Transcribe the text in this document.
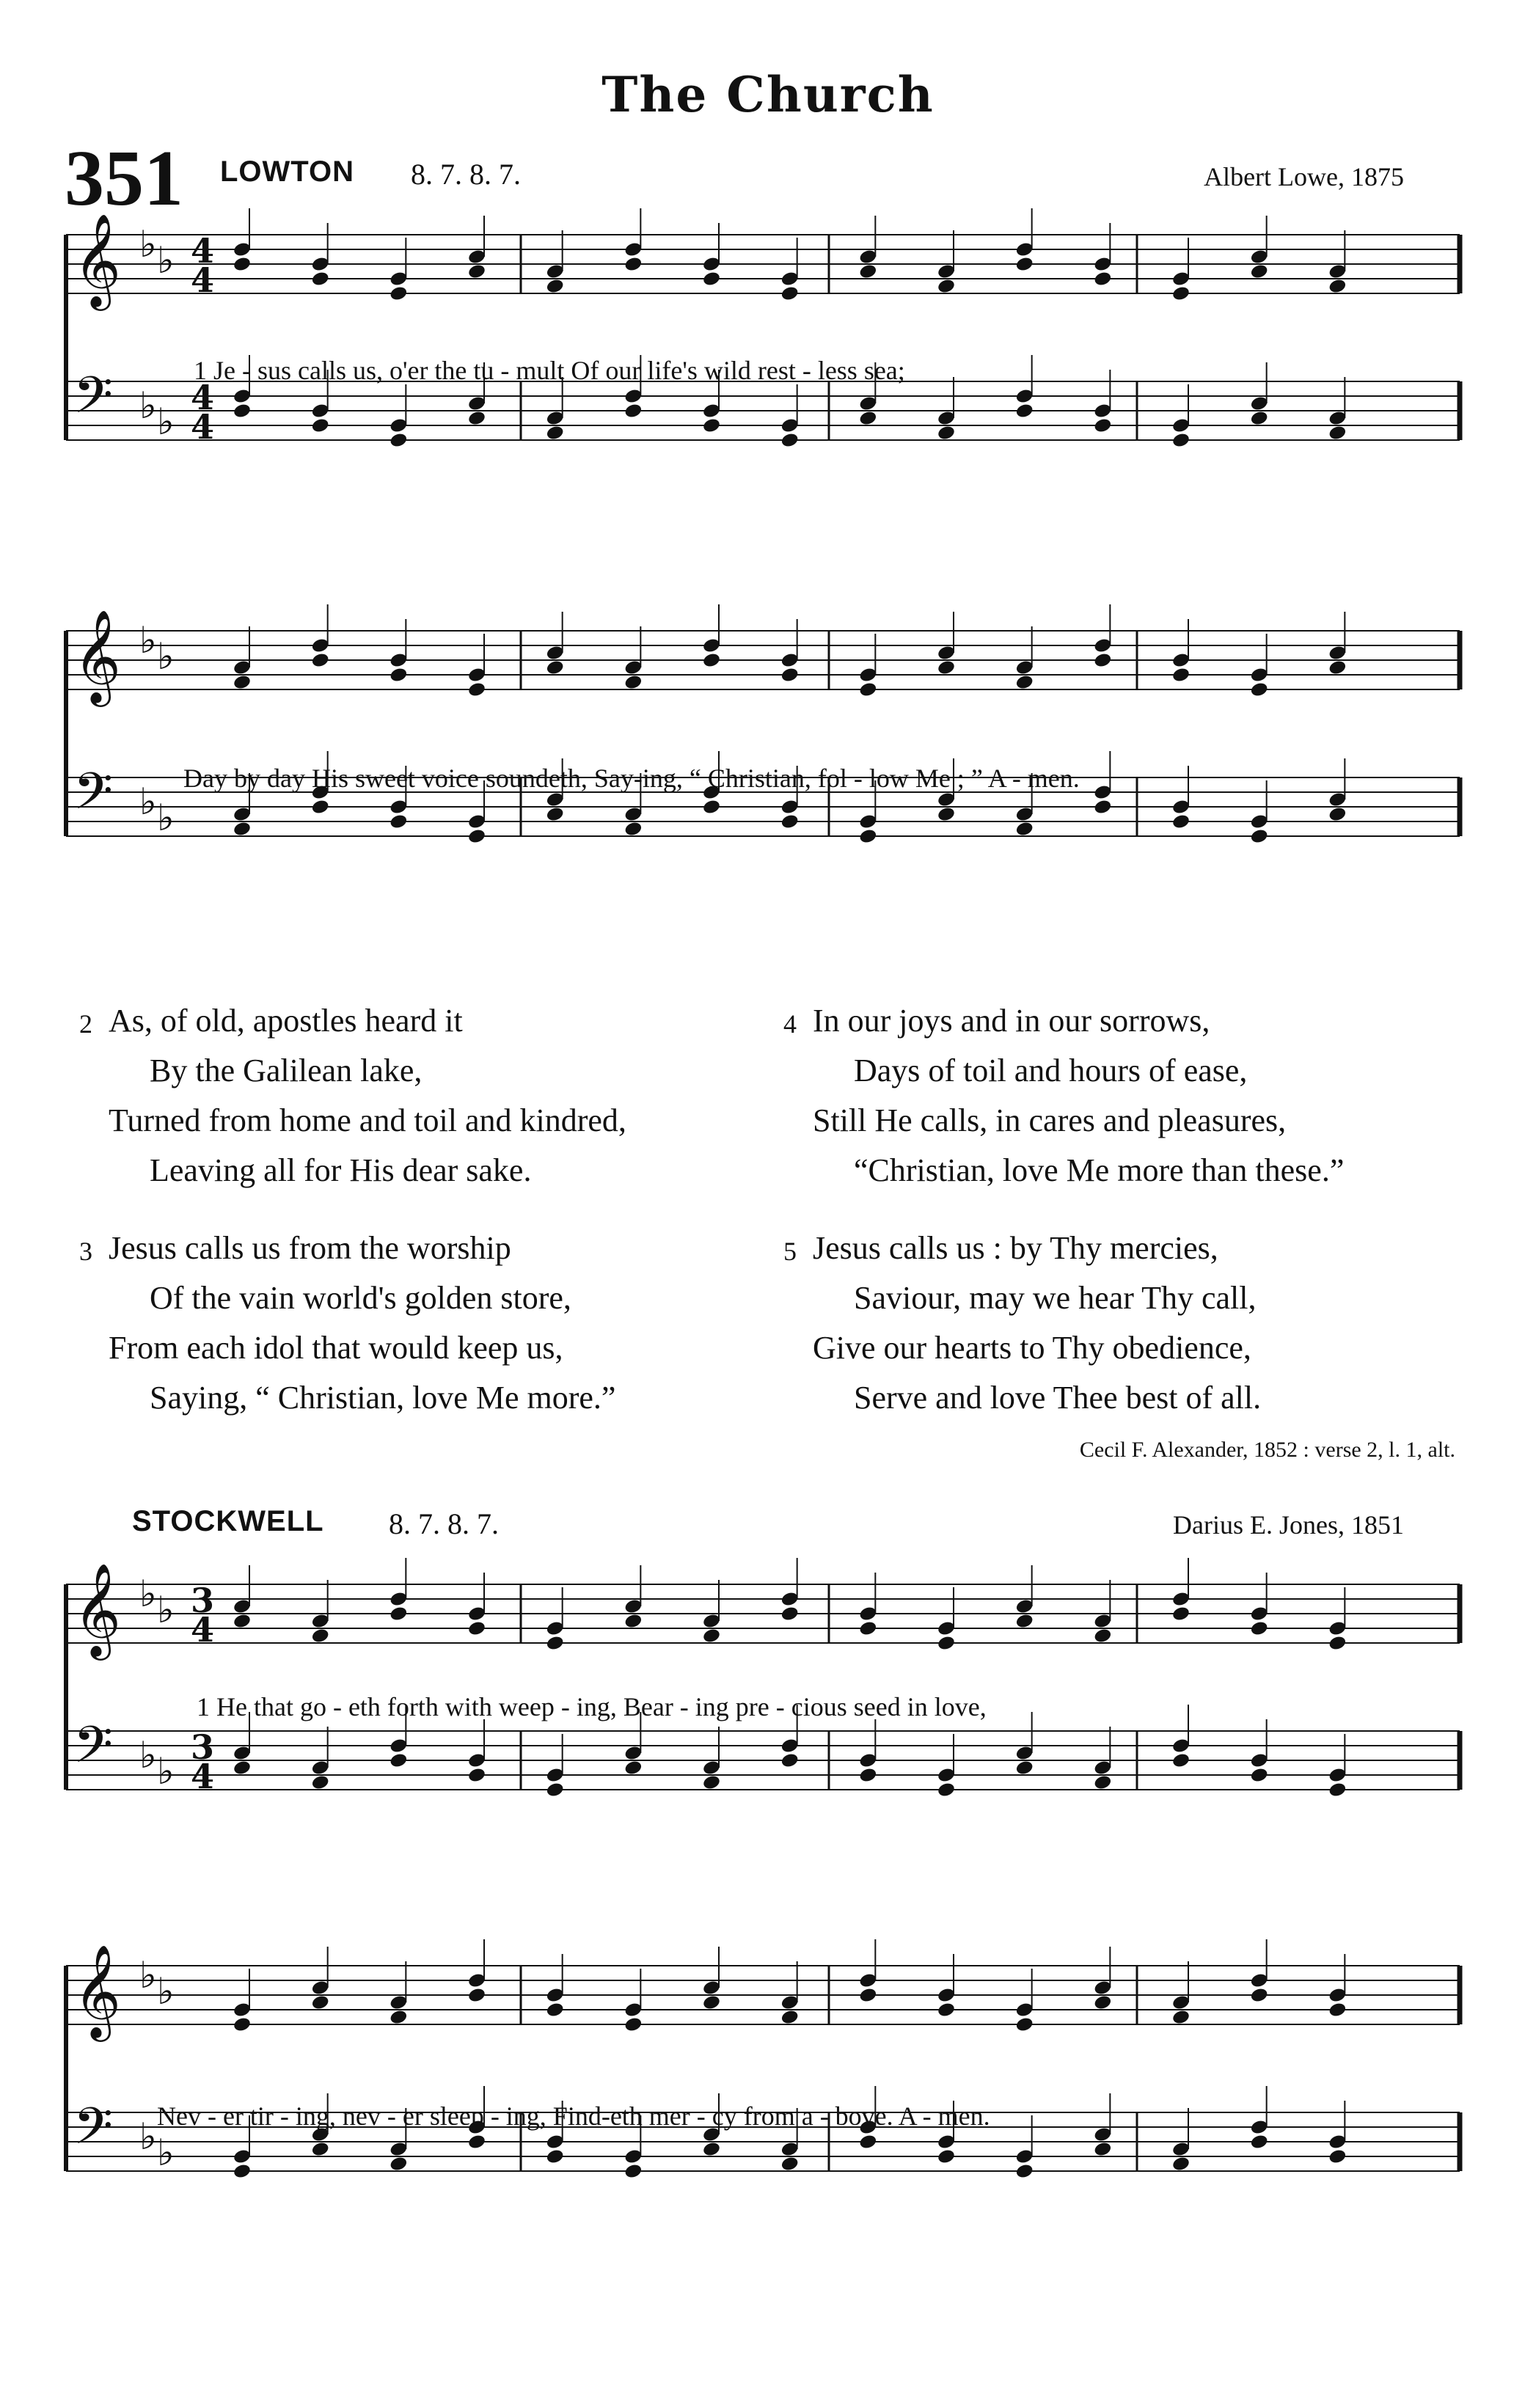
The Church
351 LOWTON 8. 7. 8. 7.	Albert Lowe, 1875
𝄞 ♭ ♭ 4
4
𝄢 ♭ ♭
4
4
1 Je - sus calls us, o'er the tu - mult Of our life's wild rest - less sea;
𝄞 ♭ ♭
𝄢 ♭ ♭
Day by day His sweet voice soundeth, Say-ing, “ Christian, fol - low Me ; ” A - men.
2 As, of old, apostles heard it
By the Galilean lake,
Turned from home and toil and kindred,
Leaving all for His dear sake.
4 In our joys and in our sorrows,
Days of toil and hours of ease,
Still He calls, in cares and pleasures,
“Christian, love Me more than these.”
3 Jesus calls us from the worship
Of the vain world's golden store,
From each idol that would keep us,
Saying, “ Christian, love Me more.”
5 Jesus calls us : by Thy mercies,
Saviour, may we hear Thy call,
Give our hearts to Thy obedience,
Serve and love Thee best of all.
Cecil F. Alexander, 1852 : verse 2, l. 1, alt.
STOCKWELL 8. 7. 8. 7.	Darius E. Jones, 1851
𝄞 ♭ ♭ 3
4
𝄢 ♭ ♭
3
4
1 He that go - eth forth with weep - ing, Bear - ing pre - cious seed in love,
𝄞 ♭ ♭
𝄢 ♭ ♭
Nev - er tir - ing, nev - er sleep - ing, Find-eth mer - cy from a - bove. A - men.
